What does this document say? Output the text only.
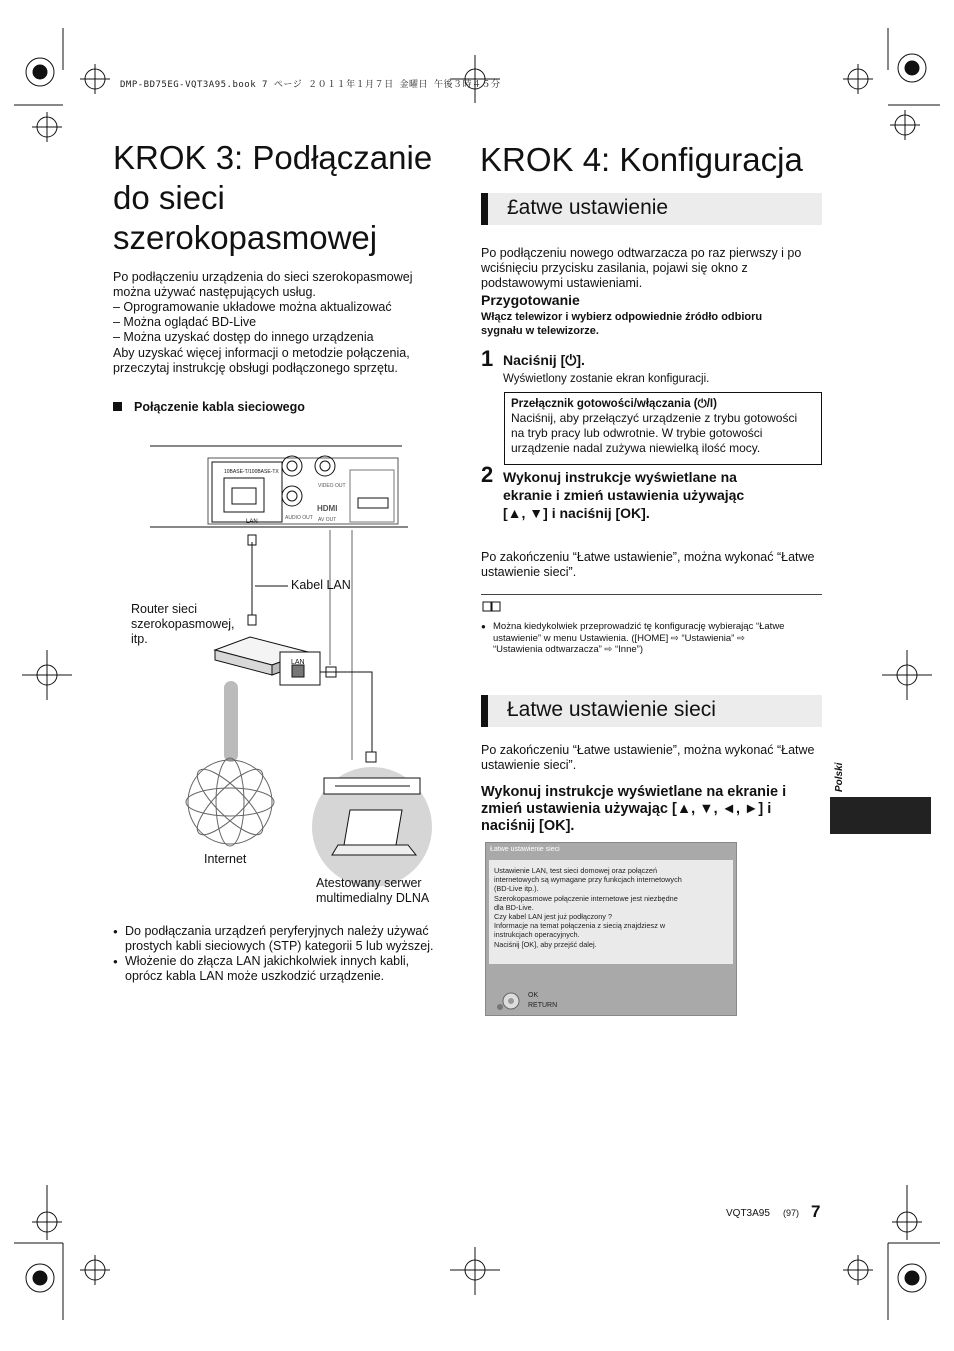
DMP-BD75EG-VQT3A95.book 7 ページ ２０１１年１月７日 金曜日 午後３時４５分
KROK 3: Podłączanie
do sieci
szerokopasmowej
Po podłączeniu urządzenia do sieci szerokopasmowej
można używać następujących usług.
– Oprogramowanie układowe można aktualizować
– Można oglądać BD-Live
– Można uzyskać dostęp do innego urządzenia
Aby uzyskać więcej informacji o metodzie połączenia,
przeczytaj instrukcję obsługi podłączonego sprzętu.
Połączenie kabla sieciowego
10BASE-T/100BASE-TX
LAN
VIDEO OUT
AUDIO OUT
HDMI
AV OUT
Kabel LAN
Router sieci
szerokopasmowej,
itp.
LAN
Internet
Atestowany serwer
multimedialny DLNA
● Do podłączania urządzeń peryferyjnych należy używać
prostych kabli sieciowych (STP) kategorii 5 lub wyższej.
● Włożenie do złącza LAN jakichkolwiek innych kabli,
oprócz kabla LAN może uszkodzić urządzenie.
KROK 4: Konfiguracja
£atwe ustawienie
Po podłączeniu nowego odtwarzacza po raz pierwszy i po
wciśnięciu przycisku zasilania, pojawi się okno z
podstawowymi ustawieniami.
Przygotowanie
Włącz telewizor i wybierz odpowiednie źródło odbioru
sygnału w telewizorze.
1 Naciśnij [⏻].
Wyświetlony zostanie ekran konfiguracji.
Przełącznik gotowości/włączania (⏻/I)
Naciśnij, aby przełączyć urządzenie z trybu gotowości
na tryb pracy lub odwrotnie. W trybie gotowości
urządzenie nadal zużywa niewielką ilość mocy.
2 Wykonuj instrukcje wyświetlane na
ekranie i zmień ustawienia używając
[▲, ▼] i naciśnij [OK].
Po zakończeniu “Łatwe ustawienie”, można wykonać “Łatwe
ustawienie sieci”.
● Można kiedykolwiek przeprowadzić tę konfigurację wybierając “Łatwe
ustawienie” w menu Ustawienia. ([HOME] ⇨ “Ustawienia” ⇨
“Ustawienia odtwarzacza” ⇨ “Inne”)
Łatwe ustawienie sieci
Po zakończeniu “Łatwe ustawienie”, można wykonać “Łatwe
ustawienie sieci”.
Wykonuj instrukcje wyświetlane na ekranie i
zmień ustawienia używając [▲, ▼, ◄, ►] i
naciśnij [OK].
Łatwe ustawienie sieci
Ustawienie LAN, test sieci domowej oraz połączeń
internetowych są wymagane przy funkcjach internetowych
(BD-Live itp.).
Szerokopasmowe połączenie internetowe jest niezbędne
dla BD-Live.
Czy kabel LAN jest już podłączony ?
Informacje na temat połączenia z siecią znajdziesz w
instrukcjach operacyjnych.
Naciśnij [OK], aby przejść dalej.
OK
RETURN
Polski
VQT3A95 (97) 7
